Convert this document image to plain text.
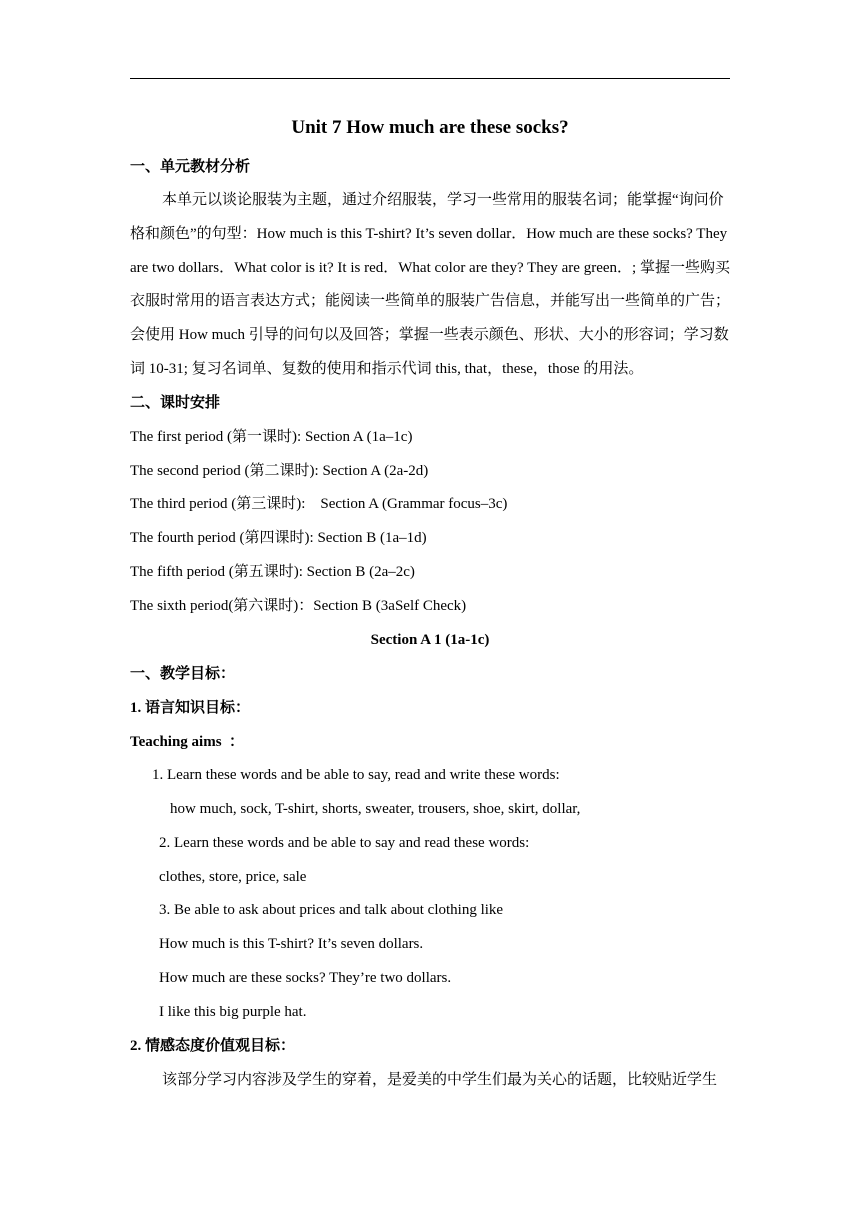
Unit 7 How much are these socks?
一、单元教材分析
本单元以谈论服装为主题，通过介绍服装，学习一些常用的服装名词；能掌握“询问价
格和颜色”的句型：How much is this T-shirt? It’s seven dollar．How much are these socks? They
are two dollars．What color is it? It is red．What color are they? They are green．; 掌握一些购买
衣服时常用的语言表达方式；能阅读一些简单的服装广告信息，并能写出一些简单的广告；
会使用 How much 引导的问句以及回答；掌握一些表示颜色、形状、大小的形容词；学习数
词 10-31; 复习名词单、复数的使用和指示代词 this, that，these，those 的用法。
二、课时安排
The first period (第一课时): Section A (1a–1c)
The second period (第二课时): Section A (2a-2d)
The third period (第三课时):    Section A (Grammar focus–3c)
The fourth period (第四课时): Section B (1a–1d)
The fifth period (第五课时): Section B (2a–2c)
The sixth period(第六课时)：Section B (3aSelf Check)
Section A 1 (1a-1c)
一、教学目标：
1. 语言知识目标：
Teaching aims  ：
1. Learn these words and be able to say, read and write these words:
how much, sock, T-shirt, shorts, sweater, trousers, shoe, skirt, dollar,
2. Learn these words and be able to say and read these words:
clothes, store, price, sale
3. Be able to ask about prices and talk about clothing like
How much is this T-shirt? It’s seven dollars.
How much are these socks? They’re two dollars.
I like this big purple hat.
2. 情感态度价值观目标：
该部分学习内容涉及学生的穿着，是爱美的中学生们最为关心的话题，比较贴近学生
